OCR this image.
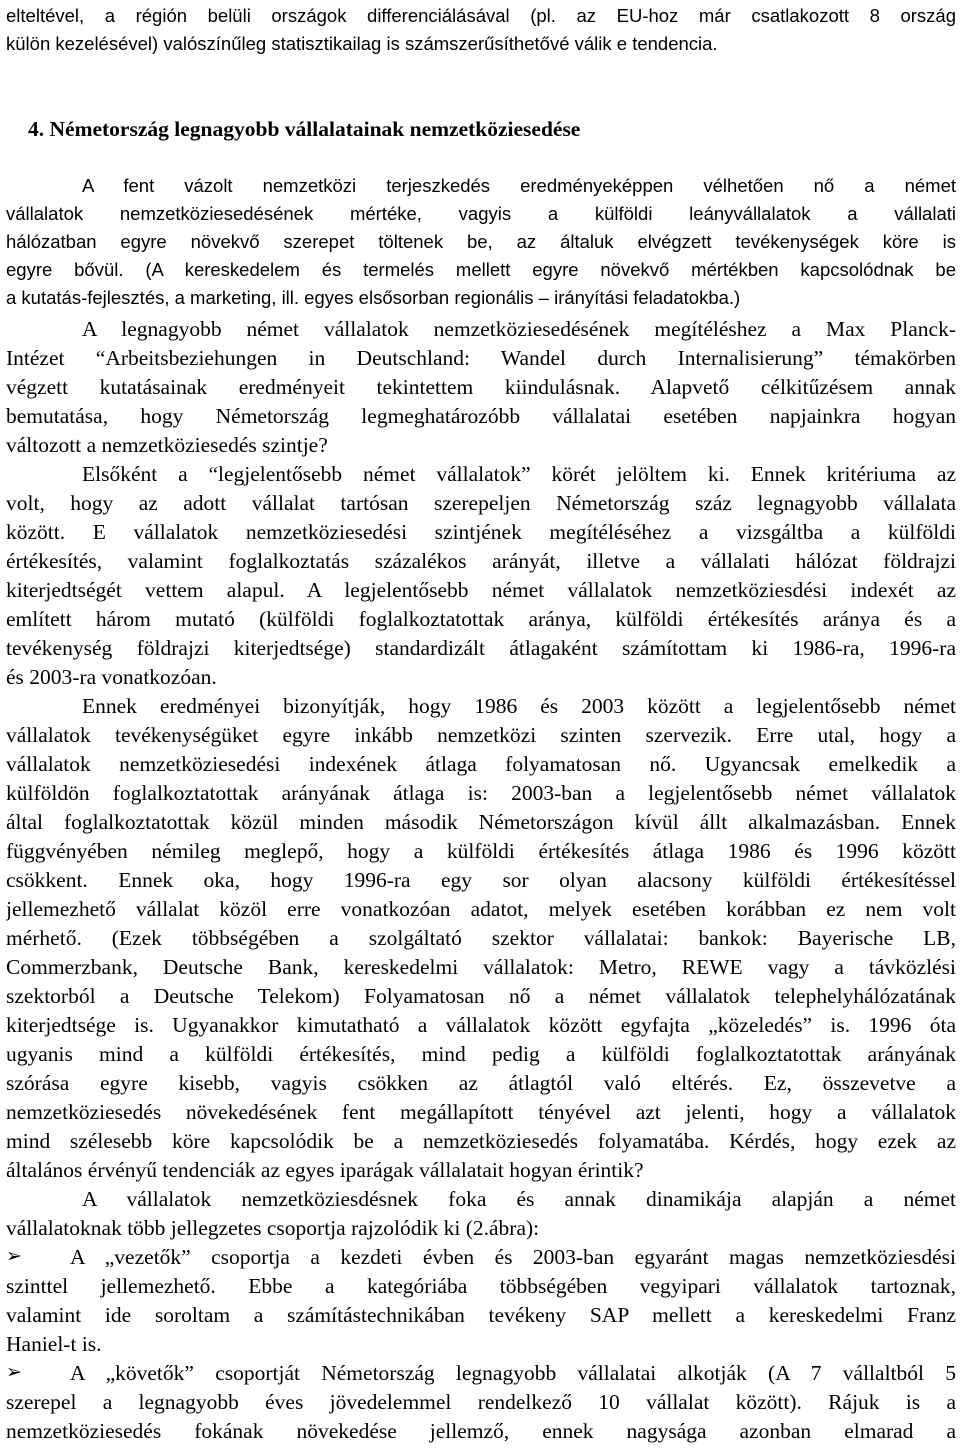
elteltével, a régión belüli országok differenciálásával (pl. az EU-hoz már csatlakozott 8 ország
külön kezelésével) valószínűleg statisztikailag is számszerűsíthetővé válik e tendencia.
4. Németország legnagyobb vállalatainak nemzetköziesedése
A fent vázolt nemzetközi terjeszkedés eredményeképpen vélhetően nő a német
vállalatok nemzetköziesedésének mértéke, vagyis a külföldi leányvállalatok a vállalati
hálózatban egyre növekvő szerepet töltenek be, az általuk elvégzett tevékenységek köre is
egyre bővül. (A kereskedelem és termelés mellett egyre növekvő mértékben kapcsolódnak be
a kutatás-fejlesztés, a marketing, ill. egyes elsősorban regionális – irányítási feladatokba.)
A legnagyobb német vállalatok nemzetköziesedésének megítéléshez a Max Planck-
Intézet “Arbeitsbeziehungen in Deutschland: Wandel durch Internalisierung” témakörben
végzett kutatásainak eredményeit tekintettem kiindulásnak. Alapvető célkitűzésem annak
bemutatása, hogy Németország legmeghatározóbb vállalatai esetében napjainkra hogyan
változott a nemzetköziesedés szintje?
Elsőként a “legjelentősebb német vállalatok” körét jelöltem ki. Ennek kritériuma az
volt, hogy az adott vállalat tartósan szerepeljen Németország száz legnagyobb vállalata
között. E vállalatok nemzetköziesedési szintjének megítéléséhez a vizsgáltba a külföldi
értékesítés, valamint foglalkoztatás százalékos arányát, illetve a vállalati hálózat földrajzi
kiterjedtségét vettem alapul. A legjelentősebb német vállalatok nemzetköziesdési indexét az
említett három mutató (külföldi foglalkoztatottak aránya, külföldi értékesítés aránya és a
tevékenység földrajzi kiterjedtsége) standardizált átlagaként számítottam ki 1986-ra, 1996-ra
és 2003-ra vonatkozóan.
Ennek eredményei bizonyítják, hogy 1986 és 2003 között a legjelentősebb német
vállalatok tevékenységüket egyre inkább nemzetközi szinten szervezik. Erre utal, hogy a
vállalatok nemzetköziesedési indexének átlaga folyamatosan nő. Ugyancsak emelkedik a
külföldön foglalkoztatottak arányának átlaga is: 2003-ban a legjelentősebb német vállalatok
által foglalkoztatottak közül minden második Németországon kívül állt alkalmazásban. Ennek
függvényében némileg meglepő, hogy a külföldi értékesítés átlaga 1986 és 1996 között
csökkent. Ennek oka, hogy 1996-ra egy sor olyan alacsony külföldi értékesítéssel
jellemezhető vállalat közöl erre vonatkozóan adatot, melyek esetében korábban ez nem volt
mérhető. (Ezek többségében a szolgáltató szektor vállalatai: bankok: Bayerische LB,
Commerzbank, Deutsche Bank, kereskedelmi vállalatok: Metro, REWE vagy a távközlési
szektorból a Deutsche Telekom) Folyamatosan nő a német vállalatok telephelyhálózatának
kiterjedtsége is. Ugyanakkor kimutatható a vállalatok között egyfajta „közeledés” is. 1996 óta
ugyanis mind a külföldi értékesítés, mind pedig a külföldi foglalkoztatottak arányának
szórása egyre kisebb, vagyis csökken az átlagtól való eltérés. Ez, összevetve a
nemzetköziesedés növekedésének fent megállapított tényével azt jelenti, hogy a vállalatok
mind szélesebb köre kapcsolódik be a nemzetköziesedés folyamatába. Kérdés, hogy ezek az
általános érvényű tendenciák az egyes iparágak vállalatait hogyan érintik?
A vállalatok nemzetköziesdésnek foka és annak dinamikája alapján a német
vállalatoknak több jellegzetes csoportja rajzolódik ki (2.ábra):
➢	A „vezetők” csoportja a kezdeti évben és 2003-ban egyaránt magas nemzetköziesdési
szinttel jellemezhető. Ebbe a kategóriába többségében vegyipari vállalatok tartoznak,
valamint ide soroltam a számítástechnikában tevékeny SAP mellett a kereskedelmi Franz
Haniel-t is.
➢	A „követők” csoportját Németország legnagyobb vállalatai alkotják (A 7 vállaltból 5
szerepel a legnagyobb éves jövedelemmel rendelkező 10 vállalat között). Rájuk is a
nemzetköziesedés fokának növekedése jellemző, ennek nagysága azonban elmarad a
